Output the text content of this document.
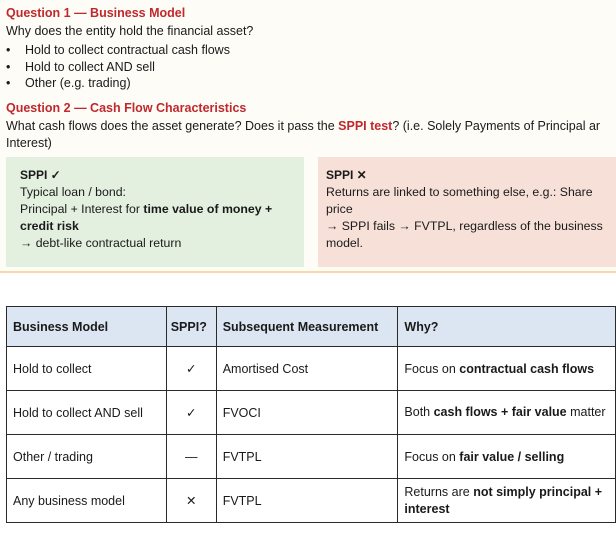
Question 1 — Business Model
Why does the entity hold the financial asset?
• Hold to collect contractual cash flows
• Hold to collect AND sell
• Other (e.g. trading)
Question 2 — Cash Flow Characteristics
What cash flows does the asset generate? Does it pass the SPPI test? (i.e. Solely Payments of Principal ar
Interest)
SPPI ✓
Typical loan / bond:
Principal + Interest for time value of money +
credit risk
→ debt-like contractual return
SPPI ✕
Returns are linked to something else, e.g.: Share
price
→ SPPI fails → FVTPL, regardless of the business
model.
Business Model	SPPI?	Subsequent Measurement	Why?
Hold to collect	✓	Amortised Cost	Focus on contractual cash flows
Hold to collect AND sell	✓	FVOCI	Both cash flows + fair value matter
Other / trading	—	FVTPL	Focus on fair value / selling
Any business model	✕	FVTPL	Returns are not simply principal + interest
